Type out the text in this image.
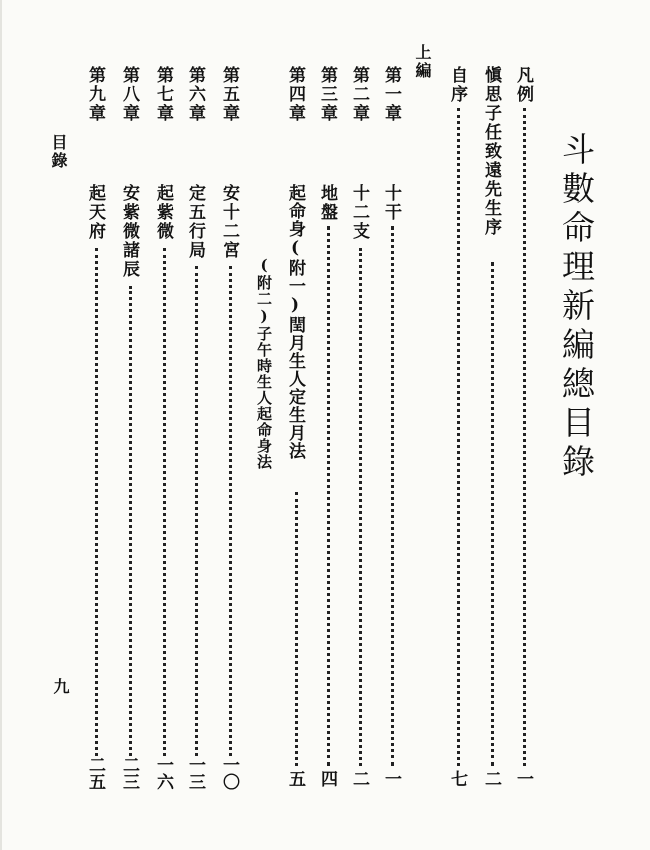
斗數命理新編總目錄
凡例
一
愼思子任致遠先生序
二
自序
七
上編
第一章
十干
一
第二章
十二支
二
第三章
地盤
四
第四章
起命身(附一)閏月生人定生月法
五
(附二)子午時生人起命身法
第五章
安十二宮
一〇
第六章
定五行局
一三
第七章
起紫微
一六
第八章
安紫微諸辰
二三
第九章
起天府
二五
目錄
九
